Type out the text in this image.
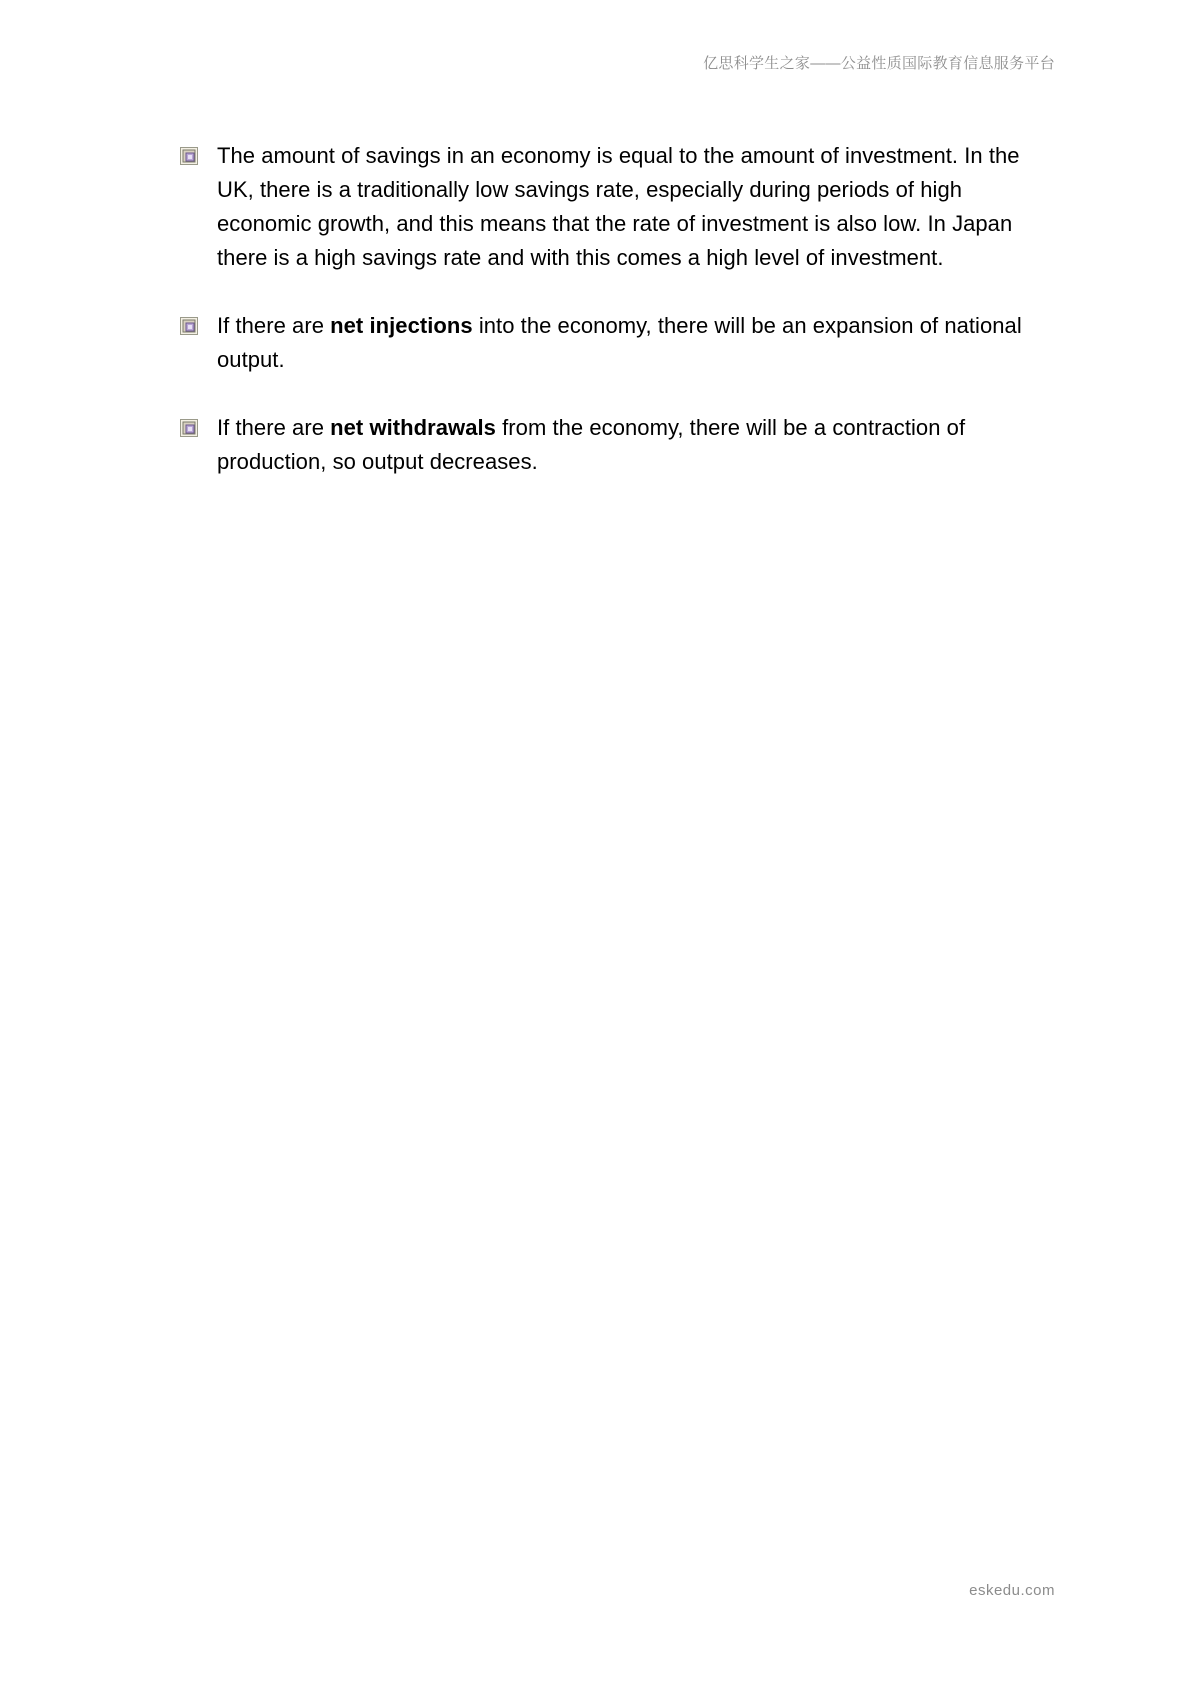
亿思科学生之家——公益性质国际教育信息服务平台
The amount of savings in an economy is equal to the amount of investment. In the UK, there is a traditionally low savings rate, especially during periods of high economic growth, and this means that the rate of investment is also low. In Japan there is a high savings rate and with this comes a high level of investment.
If there are net injections into the economy, there will be an expansion of national output.
If there are net withdrawals from the economy, there will be a contraction of production, so output decreases.
eskedu.com
